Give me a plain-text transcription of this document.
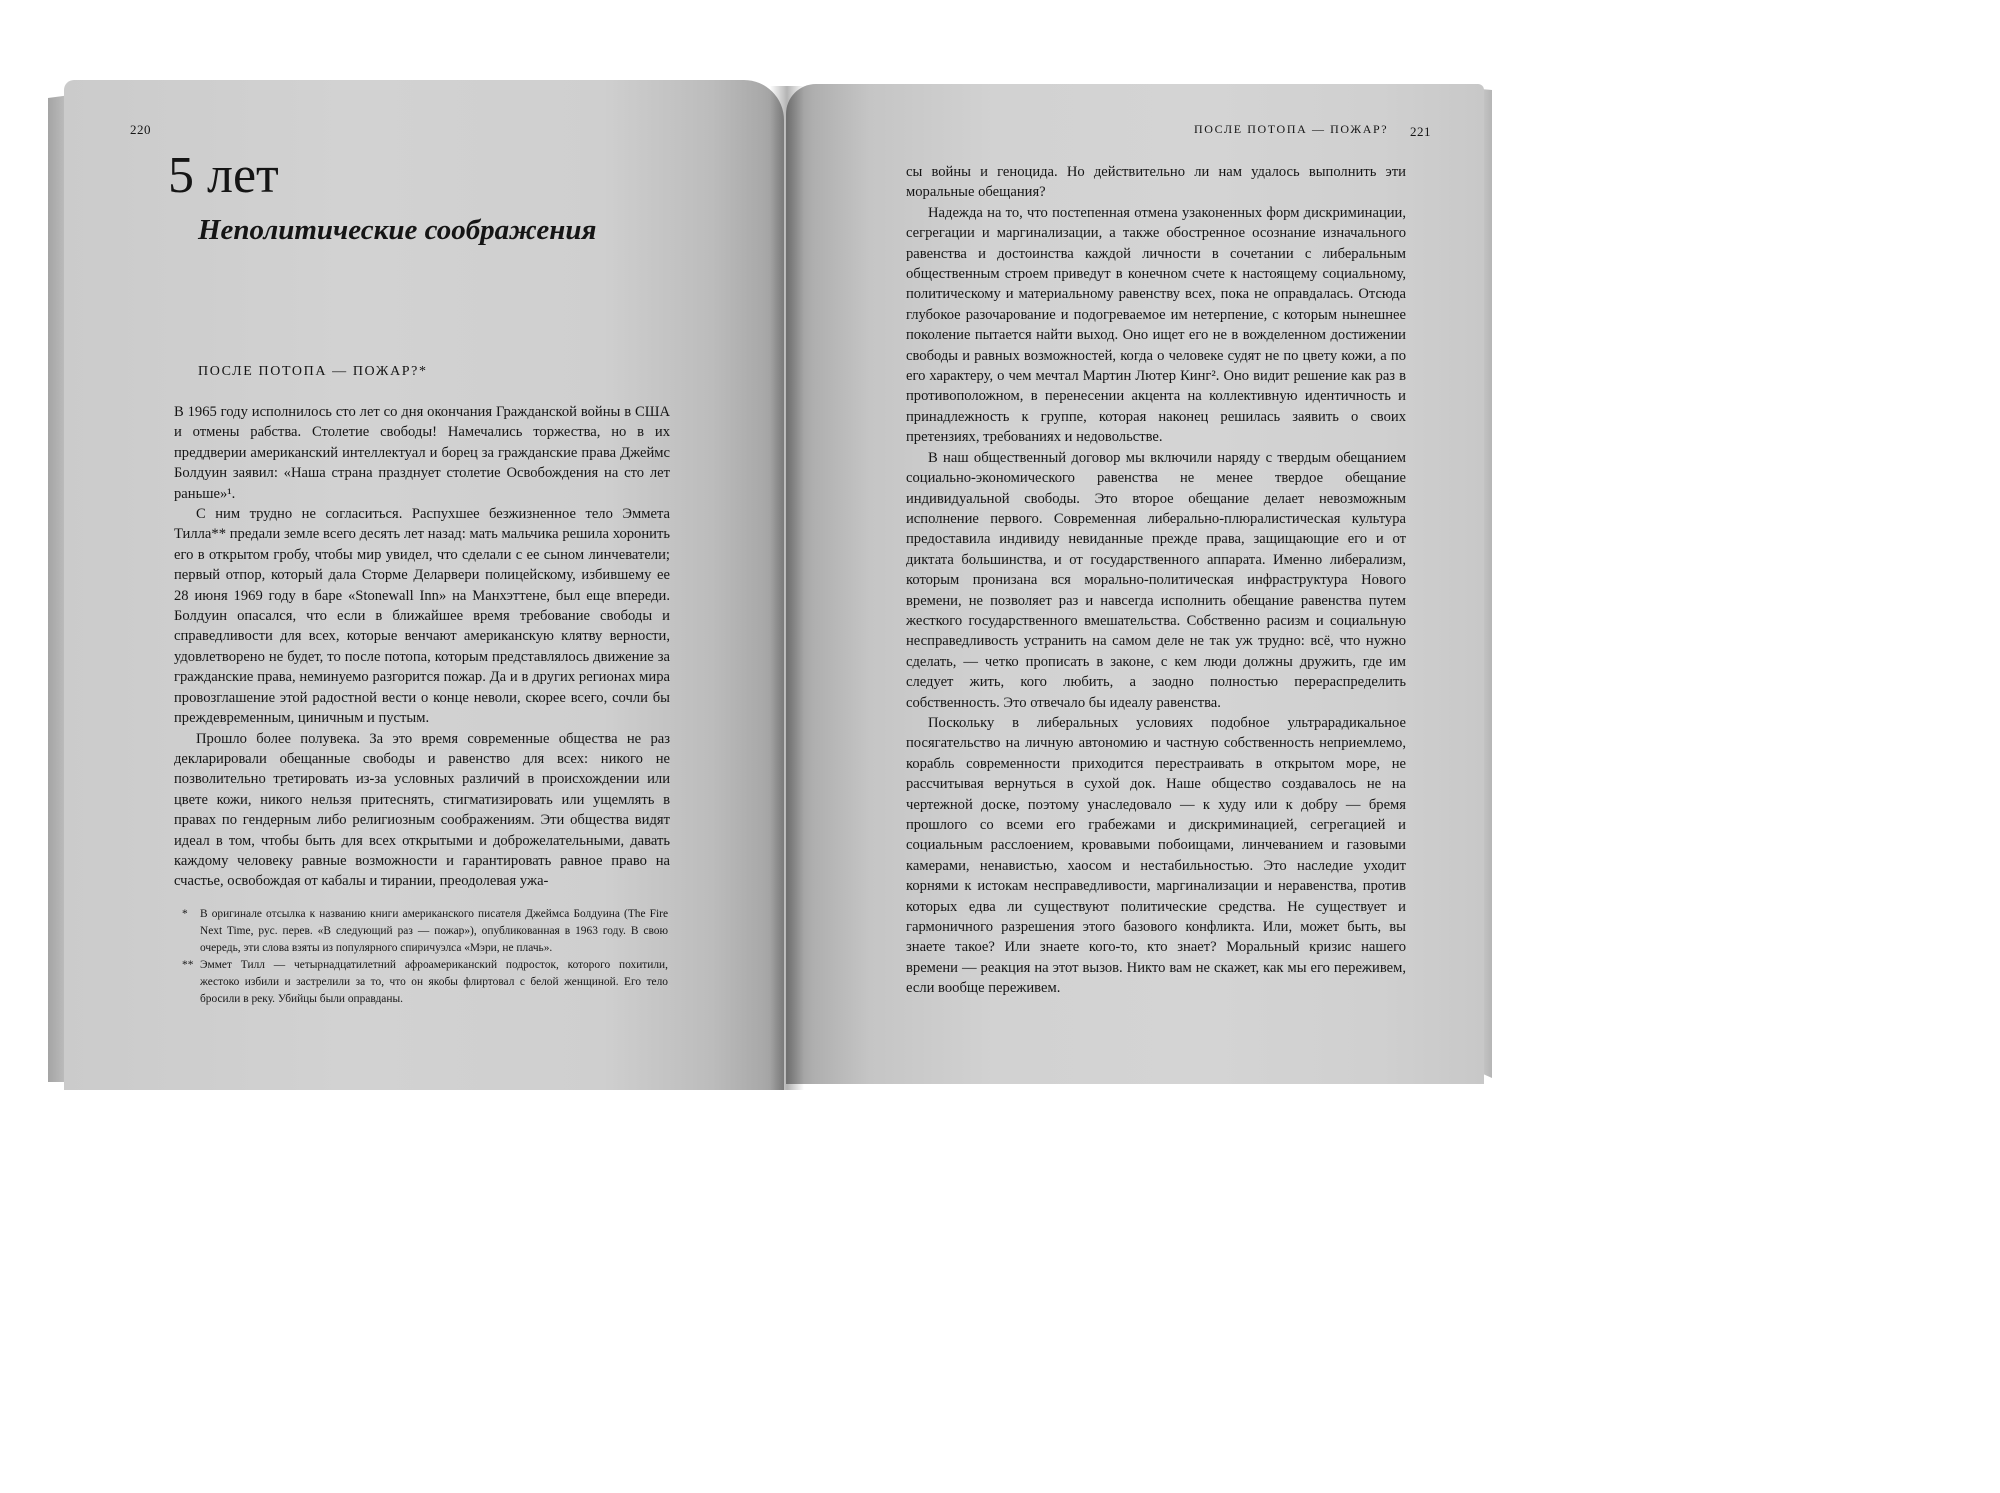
220
5 лет
Неполитические соображения
ПОСЛЕ ПОТОПА — ПОЖАР?*

В 1965 году исполнилось сто лет со дня окончания Гражданской войны в США и отмены рабства. Столетие свободы! Намечались торжества, но в их преддверии американский интеллектуал и борец за гражданские права Джеймс Болдуин заявил: «Наша страна празднует столетие Освобождения на сто лет раньше»¹.

С ним трудно не согласиться. Распухшее безжизненное тело Эммета Тилла** предали земле всего десять лет назад: мать мальчика решила хоронить его в открытом гробу, чтобы мир увидел, что сделали с ее сыном линчеватели; первый отпор, который дала Сторме Деларвери полицейскому, избившему ее 28 июня 1969 году в баре «Stonewall Inn» на Манхэттене, был еще впереди. Болдуин опасался, что если в ближайшее время требование свободы и справедливости для всех, которые венчают американскую клятву верности, удовлетворено не будет, то после потопа, которым представлялось движение за гражданские права, неминуемо разгорится пожар. Да и в других регионах мира провозглашение этой радостной вести о конце неволи, скорее всего, сочли бы преждевременным, циничным и пустым.

Прошло более полувека. За это время современные общества не раз декларировали обещанные свободы и равенство для всех: никого не позволительно третировать из-за условных различий в происхождении или цвете кожи, никого нельзя притеснять, стигматизировать или ущемлять в правах по гендерным либо религиозным соображениям. Эти общества видят идеал в том, чтобы быть для всех открытыми и доброжелательными, давать каждому человеку равные возможности и гарантировать равное право на счастье, освобождая от кабалы и тирании, преодолевая ужа-

* В оригинале отсылка к названию книги американского писателя Джеймса Болдуина (The Fire Next Time, рус. перев. «В следующий раз — пожар»), опубликованная в 1963 году. В свою очередь, эти слова взяты из популярного спиричуэлса «Мэри, не плачь».

** Эммет Тилл — четырнадцатилетний афроамериканский подросток, которого похитили, жестоко избили и застрелили за то, что он якобы флиртовал с белой женщиной. Его тело бросили в реку. Убийцы были оправданы.

ПОСЛЕ ПОТОПА — ПОЖАР? 221

сы войны и геноцида. Но действительно ли нам удалось выполнить эти моральные обещания?

Надежда на то, что постепенная отмена узаконенных форм дискриминации, сегрегации и маргинализации, а также обостренное осознание изначального равенства и достоинства каждой личности в сочетании с либеральным общественным строем приведут в конечном счете к настоящему социальному, политическому и материальному равенству всех, пока не оправдалась. Отсюда глубокое разочарование и подогреваемое им нетерпение, с которым нынешнее поколение пытается найти выход. Оно ищет его не в вожделенном достижении свободы и равных возможностей, когда о человеке судят не по цвету кожи, а по его характеру, о чем мечтал Мартин Лютер Кинг². Оно видит решение как раз в противоположном, в перенесении акцента на коллективную идентичность и принадлежность к группе, которая наконец решилась заявить о своих претензиях, требованиях и недовольстве.

В наш общественный договор мы включили наряду с твердым обещанием социально-экономического равенства не менее твердое обещание индивидуальной свободы. Это второе обещание делает невозможным исполнение первого. Современная либерально-плюралистическая культура предоставила индивиду невиданные прежде права, защищающие его и от диктата большинства, и от государственного аппарата. Именно либерализм, которым пронизана вся морально-политическая инфраструктура Нового времени, не позволяет раз и навсегда исполнить обещание равенства путем жесткого государственного вмешательства. Собственно расизм и социальную несправедливость устранить на самом деле не так уж трудно: всё, что нужно сделать, — четко прописать в законе, с кем люди должны дружить, где им следует жить, кого любить, а заодно полностью перераспределить собственность. Это отвечало бы идеалу равенства.

Поскольку в либеральных условиях подобное ультрарадикальное посягательство на личную автономию и частную собственность неприемлемо, корабль современности приходится перестраивать в открытом море, не рассчитывая вернуться в сухой док. Наше общество создавалось не на чертежной доске, поэтому унаследовало — к худу или к добру — бремя прошлого со всеми его грабежами и дискриминацией, сегрегацией и социальным расслоением, кровавыми побоищами, линчеванием и газовыми камерами, ненавистью, хаосом и нестабильностью. Это наследие уходит корнями к истокам несправедливости, маргинализации и неравенства, против которых едва ли существуют политические средства. Не существует и гармоничного разрешения этого базового конфликта. Или, может быть, вы знаете такое? Или знаете кого-то, кто знает? Моральный кризис нашего времени — реакция на этот вызов. Никто вам не скажет, как мы его переживем, если вообще переживем.
